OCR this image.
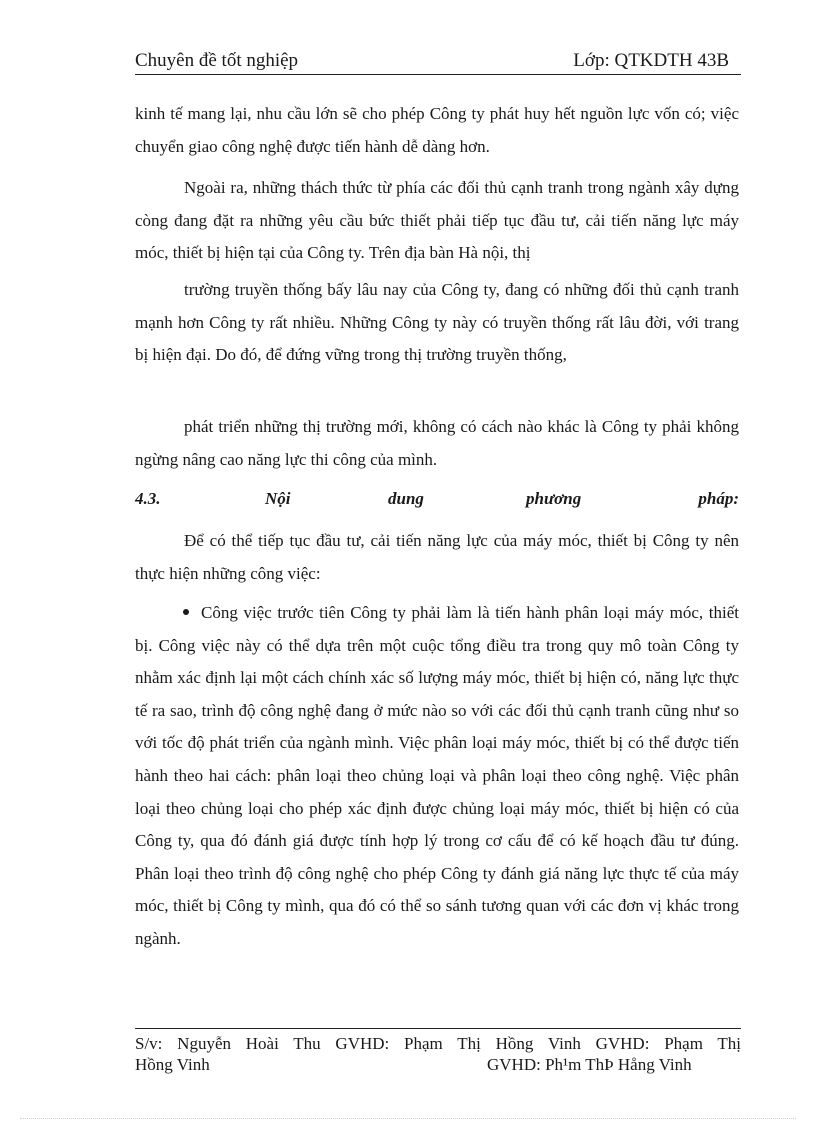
Chuyên đề tốt nghiệp	Lớp: QTKDTH 43B
kinh tế mang lại, nhu cầu lớn sẽ cho phép Công ty phát huy hết nguồn lực vốn có; việc chuyển giao công nghệ được tiến hành dễ dàng hơn.
Ngoài ra, những thách thức từ phía các đối thủ cạnh tranh trong ngành xây dựng còng đang đặt ra những yêu cầu bức thiết phải tiếp tục đầu tư, cải tiến năng lực máy móc, thiết bị hiện tại của Công ty. Trên địa bàn Hà nội, thị
trường truyền thống bấy lâu nay của Công ty, đang có những đối thủ cạnh tranh mạnh hơn Công ty rất nhiều. Những Công ty này có truyền thống rất lâu đời, với trang bị hiện đại. Do đó, để đứng vững trong thị trường truyền thống,
phát triển những thị trường mới, không có cách nào khác là Công ty phải không ngừng nâng cao năng lực thi công của mình.
4.3.	Nội	dung	phương	pháp:
Để có thể tiếp tục đầu tư, cải tiến năng lực của máy móc, thiết bị Công ty nên thực hiện những công việc:
Công việc trước tiên Công ty phải làm là tiến hành phân loại máy móc, thiết bị. Công việc này có thể dựa trên một cuộc tổng điều tra trong quy mô toàn Công ty nhằm xác định lại một cách chính xác số lượng máy móc, thiết bị hiện có, năng lực thực tế ra sao, trình độ công nghệ đang ở mức nào so với các đối thủ cạnh tranh cũng như so với tốc độ phát triển của ngành mình. Việc phân loại máy móc, thiết bị có thể được tiến hành theo hai cách: phân loại theo chủng loại và phân loại theo công nghệ. Việc phân loại theo chủng loại cho phép xác định được chủng loại máy móc, thiết bị hiện có của Công ty, qua đó đánh giá được tính hợp lý trong cơ cấu để có kế hoạch đầu tư đúng. Phân loại theo trình độ công nghệ cho phép Công ty đánh giá năng lực thực tế của máy móc, thiết bị Công ty mình, qua đó có thể so sánh tương quan với các đơn vị khác trong ngành.
S/v: Nguyễn Hoài Thu GVHD: Phạm Thị Hồng Vinh GVHD: Phạm Thị
Hồng Vinh	GVHD: Ph¹m ThÞ Hång Vinh
